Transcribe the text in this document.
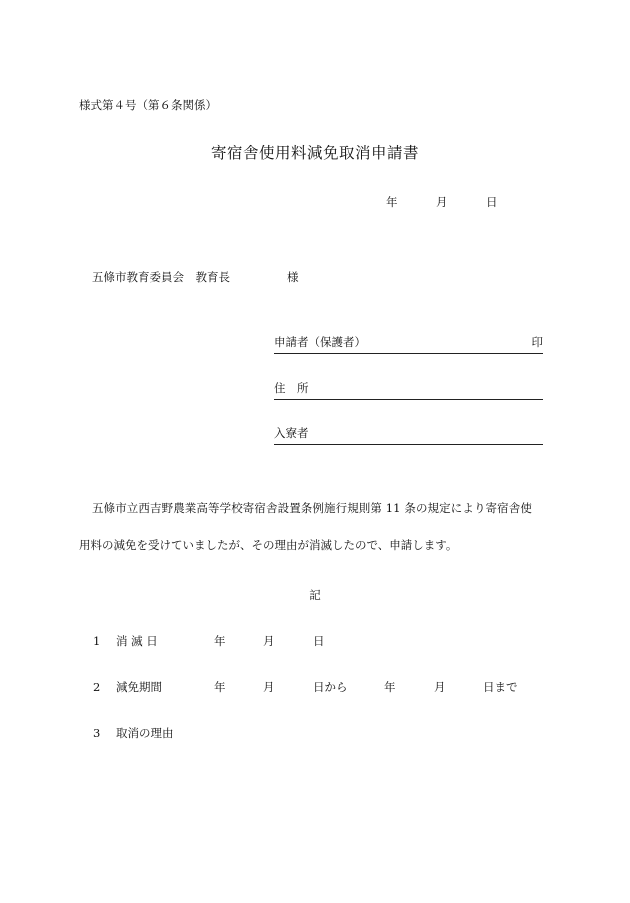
様式第４号（第６条関係）
寄宿舎使用料減免取消申請書
年	月	日
五條市教育委員会　教育長	様
申請者（保護者）	印
住　所
入寮者
五條市立西吉野農業高等学校寄宿舎設置条例施行規則第 11 条の規定により寄宿舎使
用料の減免を受けていましたが、その理由が消滅したので、申請します。
記
1 消 滅 日	年	月	日
2 減免期間	年	月	日から	年	月	日まで
3 取消の理由
